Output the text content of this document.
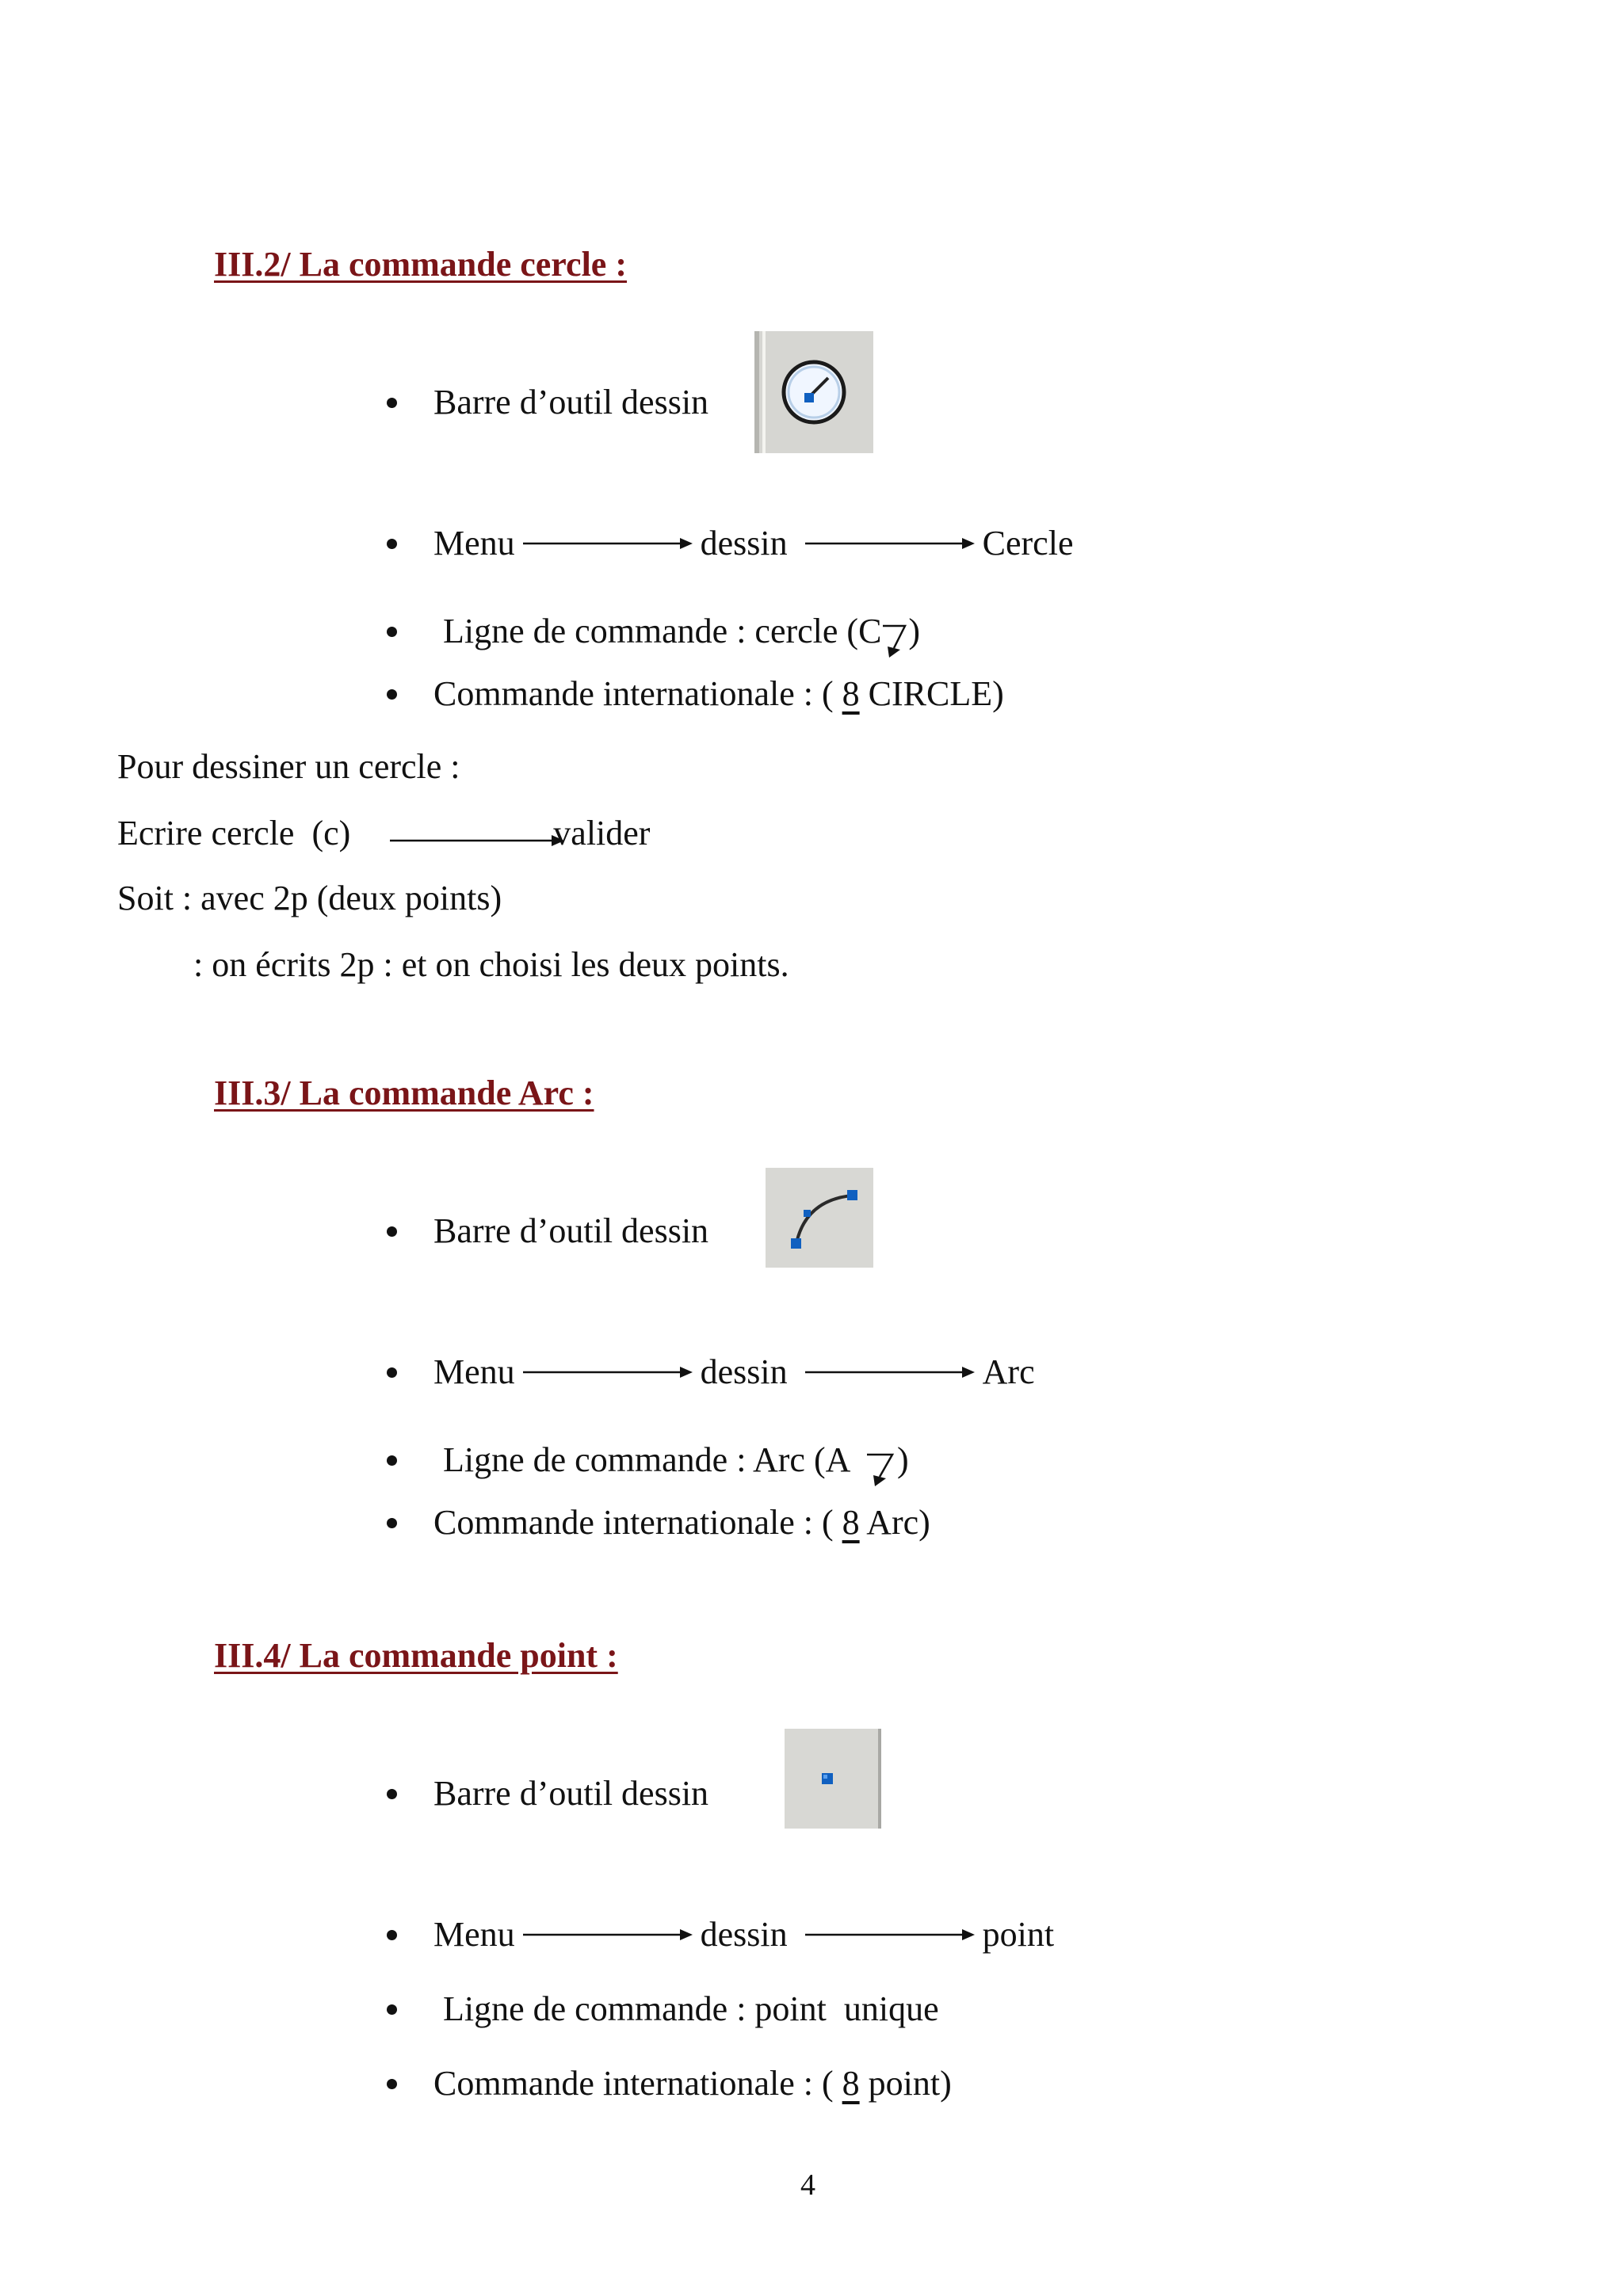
III.2/ La commande cercle :
Barre d’outil dessin
Menu	dessin	Cercle
Ligne de commande : cercle (C )
Commande internationale : ( 8 CIRCLE)
Pour dessiner un cercle :
Ecrire cercle  (c)	valider
Soit : avec 2p (deux points)
: on écrits 2p : et on choisi les deux points.
III.3/ La commande Arc :
Barre d’outil dessin
Menu	dessin	Arc
Ligne de commande : Arc (A )
Commande internationale : ( 8 Arc)
III.4/ La commande point :
Barre d’outil dessin
Menu	dessin	point
Ligne de commande : point  unique
Commande internationale : ( 8 point)
4
